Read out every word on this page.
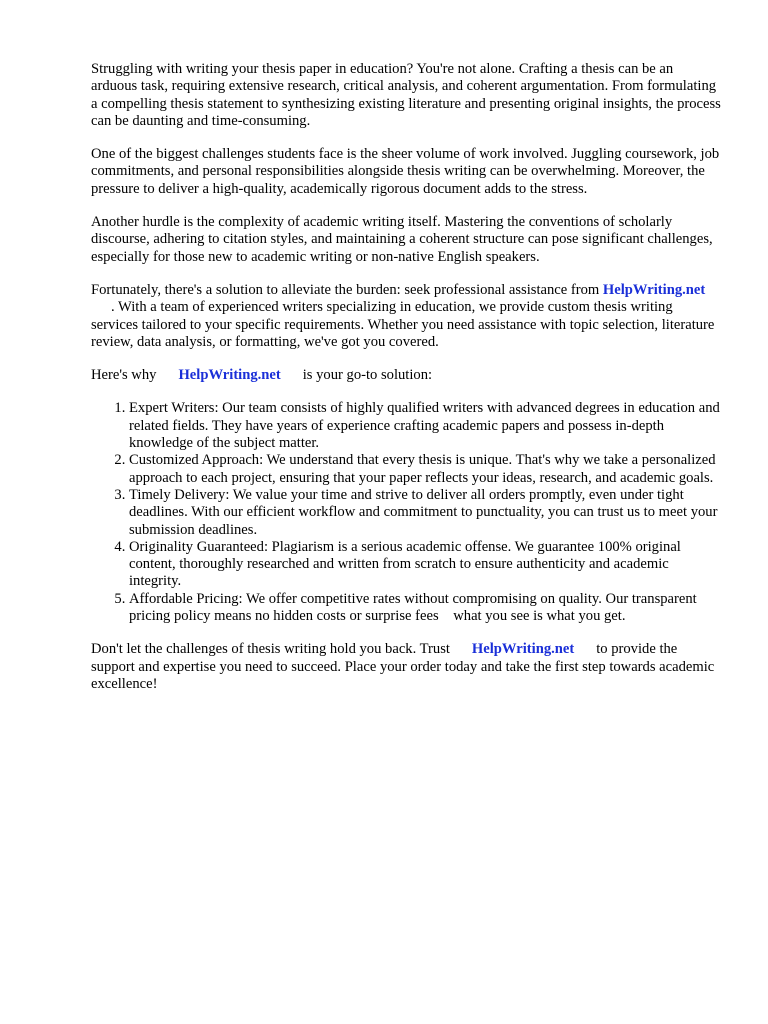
Struggling with writing your thesis paper in education? You're not alone. Crafting a thesis can be an arduous task, requiring extensive research, critical analysis, and coherent argumentation. From formulating a compelling thesis statement to synthesizing existing literature and presenting original insights, the process can be daunting and time-consuming.

One of the biggest challenges students face is the sheer volume of work involved. Juggling coursework, job commitments, and personal responsibilities alongside thesis writing can be overwhelming. Moreover, the pressure to deliver a high-quality, academically rigorous document adds to the stress.

Another hurdle is the complexity of academic writing itself. Mastering the conventions of scholarly discourse, adhering to citation styles, and maintaining a coherent structure can pose significant challenges, especially for those new to academic writing or non-native English speakers.

Fortunately, there's a solution to alleviate the burden: seek professional assistance from HelpWriting.net. With a team of experienced writers specializing in education, we provide custom thesis writing services tailored to your specific requirements. Whether you need assistance with topic selection, literature review, data analysis, or formatting, we've got you covered.

Here's why HelpWriting.net is your go-to solution:

1. Expert Writers: Our team consists of highly qualified writers with advanced degrees in education and related fields. They have years of experience crafting academic papers and possess in-depth knowledge of the subject matter.
2. Customized Approach: We understand that every thesis is unique. That's why we take a personalized approach to each project, ensuring that your paper reflects your ideas, research, and academic goals.
3. Timely Delivery: We value your time and strive to deliver all orders promptly, even under tight deadlines. With our efficient workflow and commitment to punctuality, you can trust us to meet your submission deadlines.
4. Originality Guaranteed: Plagiarism is a serious academic offense. We guarantee 100% original content, thoroughly researched and written from scratch to ensure authenticity and academic integrity.
5. Affordable Pricing: We offer competitive rates without compromising on quality. Our transparent pricing policy means no hidden costs or surprise fees    what you see is what you get.

Don't let the challenges of thesis writing hold you back. Trust HelpWriting.net to provide the support and expertise you need to succeed. Place your order today and take the first step towards academic excellence!
